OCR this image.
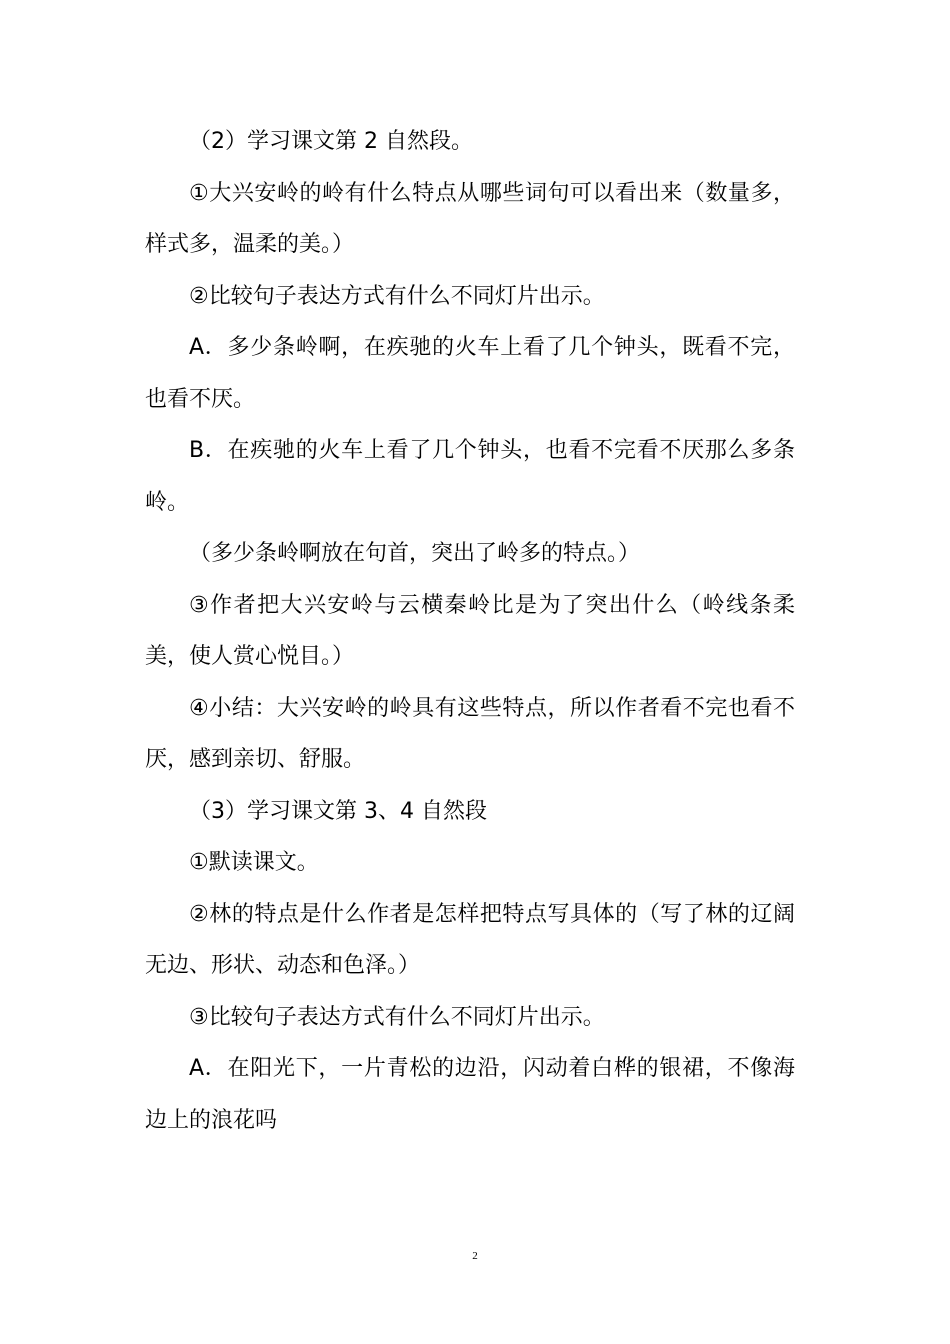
（2）学习课文第 2 自然段。

①大兴安岭的岭有什么特点从哪些词句可以看出来（数量多，样式多，温柔的美。）

②比较句子表达方式有什么不同灯片出示。

A．多少条岭啊，在疾驰的火车上看了几个钟头，既看不完，也看不厌。

B．在疾驰的火车上看了几个钟头，也看不完看不厌那么多条岭。

（多少条岭啊放在句首，突出了岭多的特点。）

③作者把大兴安岭与云横秦岭比是为了突出什么（岭线条柔美，使人赏心悦目。）

④小结：大兴安岭的岭具有这些特点，所以作者看不完也看不厌，感到亲切、舒服。

（3）学习课文第 3、4 自然段

①默读课文。

②林的特点是什么作者是怎样把特点写具体的（写了林的辽阔无边、形状、动态和色泽。）

③比较句子表达方式有什么不同灯片出示。

A．在阳光下，一片青松的边沿，闪动着白桦的银裙，不像海边上的浪花吗

2
